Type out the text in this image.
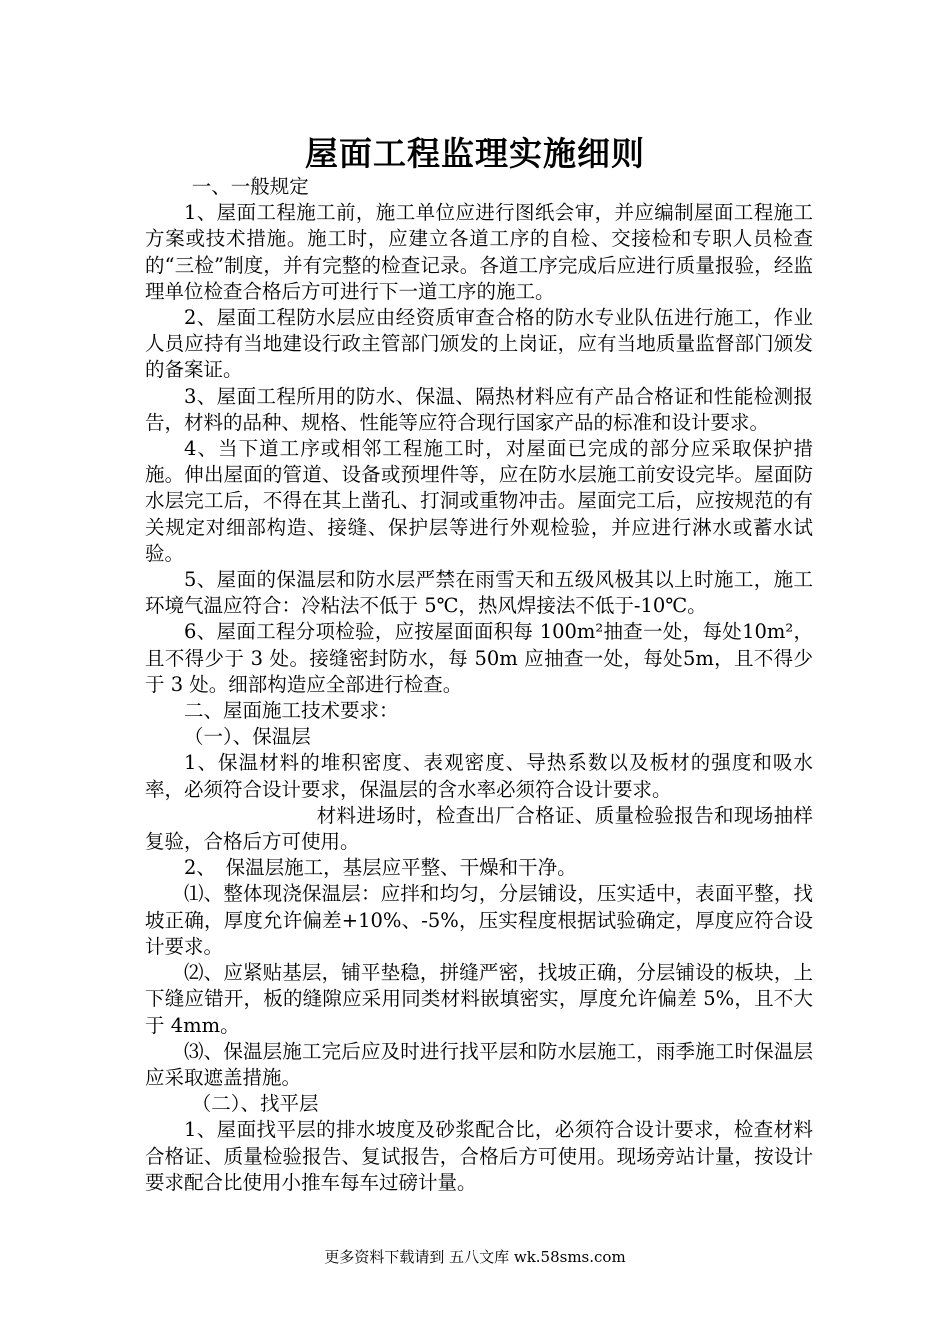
屋面工程监理实施细则

一、一般规定

1、屋面工程施工前，施工单位应进行图纸会审，并应编制屋面工程施工方案或技术措施。施工时，应建立各道工序的自检、交接检和专职人员检查的“三检”制度，并有完整的检查记录。各道工序完成后应进行质量报验，经监理单位检查合格后方可进行下一道工序的施工。

2、屋面工程防水层应由经资质审查合格的防水专业队伍进行施工，作业人员应持有当地建设行政主管部门颁发的上岗证，应有当地质量监督部门颁发的备案证。

3、屋面工程所用的防水、保温、隔热材料应有产品合格证和性能检测报告，材料的品种、规格、性能等应符合现行国家产品的标准和设计要求。

4、当下道工序或相邻工程施工时，对屋面已完成的部分应采取保护措施。伸出屋面的管道、设备或预埋件等，应在防水层施工前安设完毕。屋面防水层完工后，不得在其上凿孔、打洞或重物冲击。屋面完工后，应按规范的有关规定对细部构造、接缝、保护层等进行外观检验，并应进行淋水或蓄水试验。

5、屋面的保温层和防水层严禁在雨雪天和五级风极其以上时施工，施工环境气温应符合：冷粘法不低于 5℃，热风焊接法不低于-10℃。

6、屋面工程分项检验，应按屋面面积每 100m²抽查一处，每处10m²，且不得少于 3 处。接缝密封防水，每 50m 应抽查一处，每处5m，且不得少于 3 处。细部构造应全部进行检查。

二、屋面施工技术要求：

（一）、保温层

1、保温材料的堆积密度、表观密度、导热系数以及板材的强度和吸水率，必须符合设计要求，保温层的含水率必须符合设计要求。

材料进场时，检查出厂合格证、质量检验报告和现场抽样复验，合格后方可使用。

2、　保温层施工，基层应平整、干燥和干净。

⑴、整体现浇保温层：应拌和均匀，分层铺设，压实适中，表面平整，找坡正确，厚度允许偏差+10%、-5%，压实程度根据试验确定，厚度应符合设计要求。

⑵、应紧贴基层，铺平垫稳，拼缝严密，找坡正确，分层铺设的板块，上下缝应错开，板的缝隙应采用同类材料嵌填密实，厚度允许偏差 5%，且不大于 4mm。

⑶、保温层施工完后应及时进行找平层和防水层施工，雨季施工时保温层应采取遮盖措施。

（二）、找平层

1、屋面找平层的排水坡度及砂浆配合比，必须符合设计要求，检查材料合格证、质量检验报告、复试报告，合格后方可使用。现场旁站计量，按设计要求配合比使用小推车每车过磅计量。

更多资料下载请到 五八文库 wk.58sms.com
